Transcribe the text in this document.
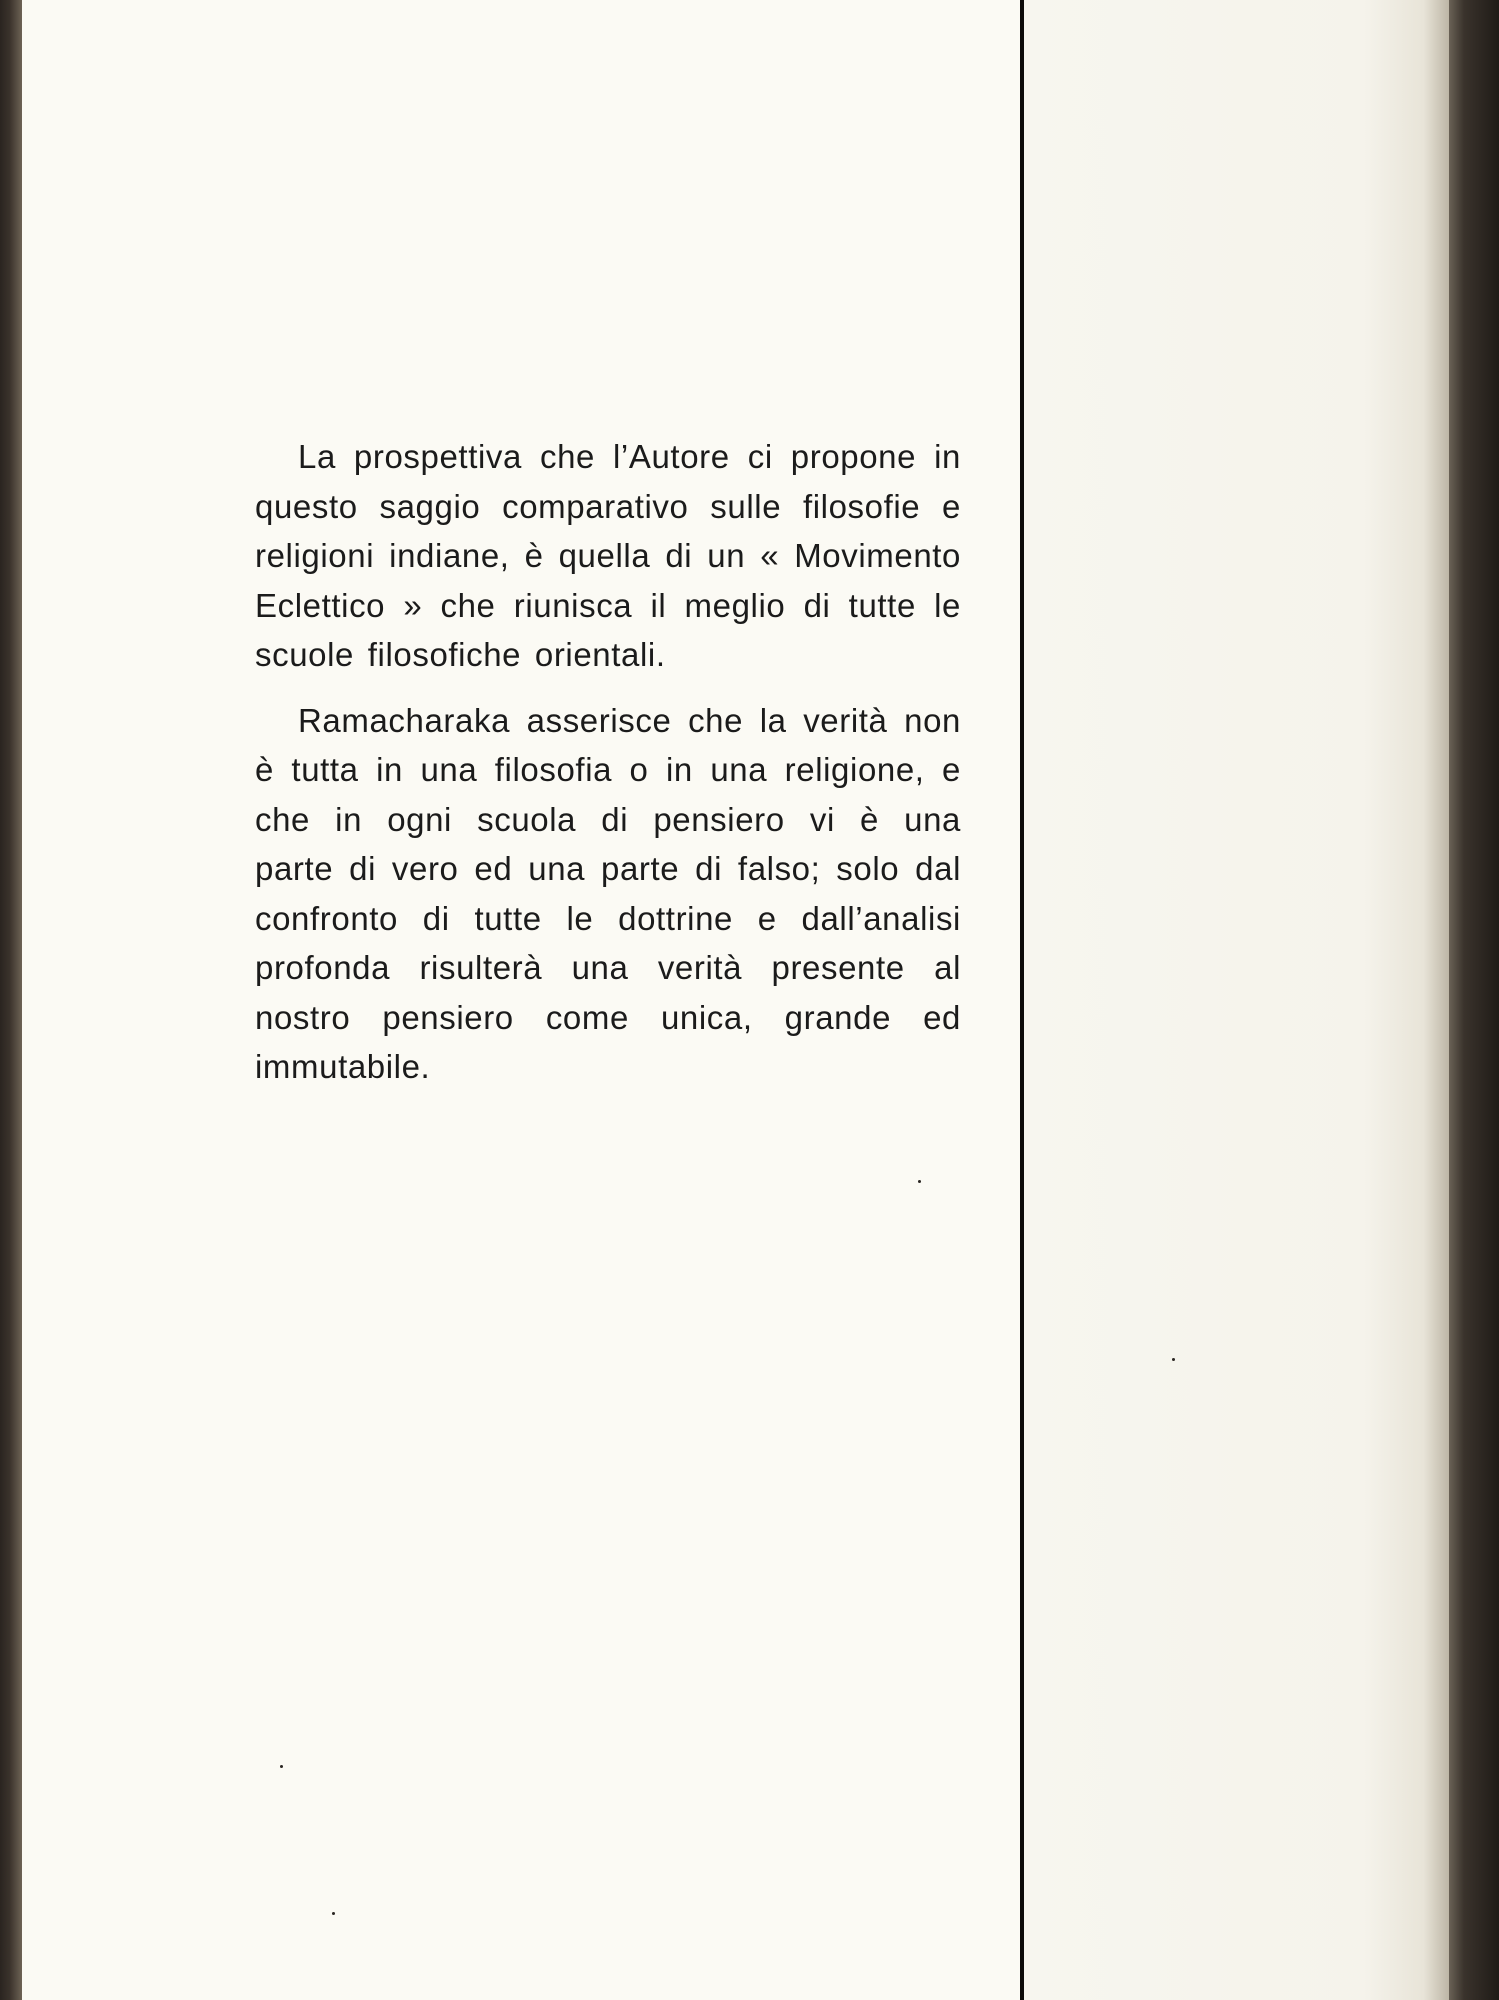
La prospettiva che l’Autore ci propone in questo saggio comparativo sulle filosofie e religioni indiane, è quella di un « Movimento Eclettico » che riunisca il meglio di tutte le scuole filosofiche orientali.

Ramacharaka asserisce che la verità non è tutta in una filosofia o in una religione, e che in ogni scuola di pensiero vi è una parte di vero ed una parte di falso; solo dal confronto di tutte le dottrine e dall’analisi profonda risulterà una verità presente al nostro pensiero come unica, grande ed immutabile.
